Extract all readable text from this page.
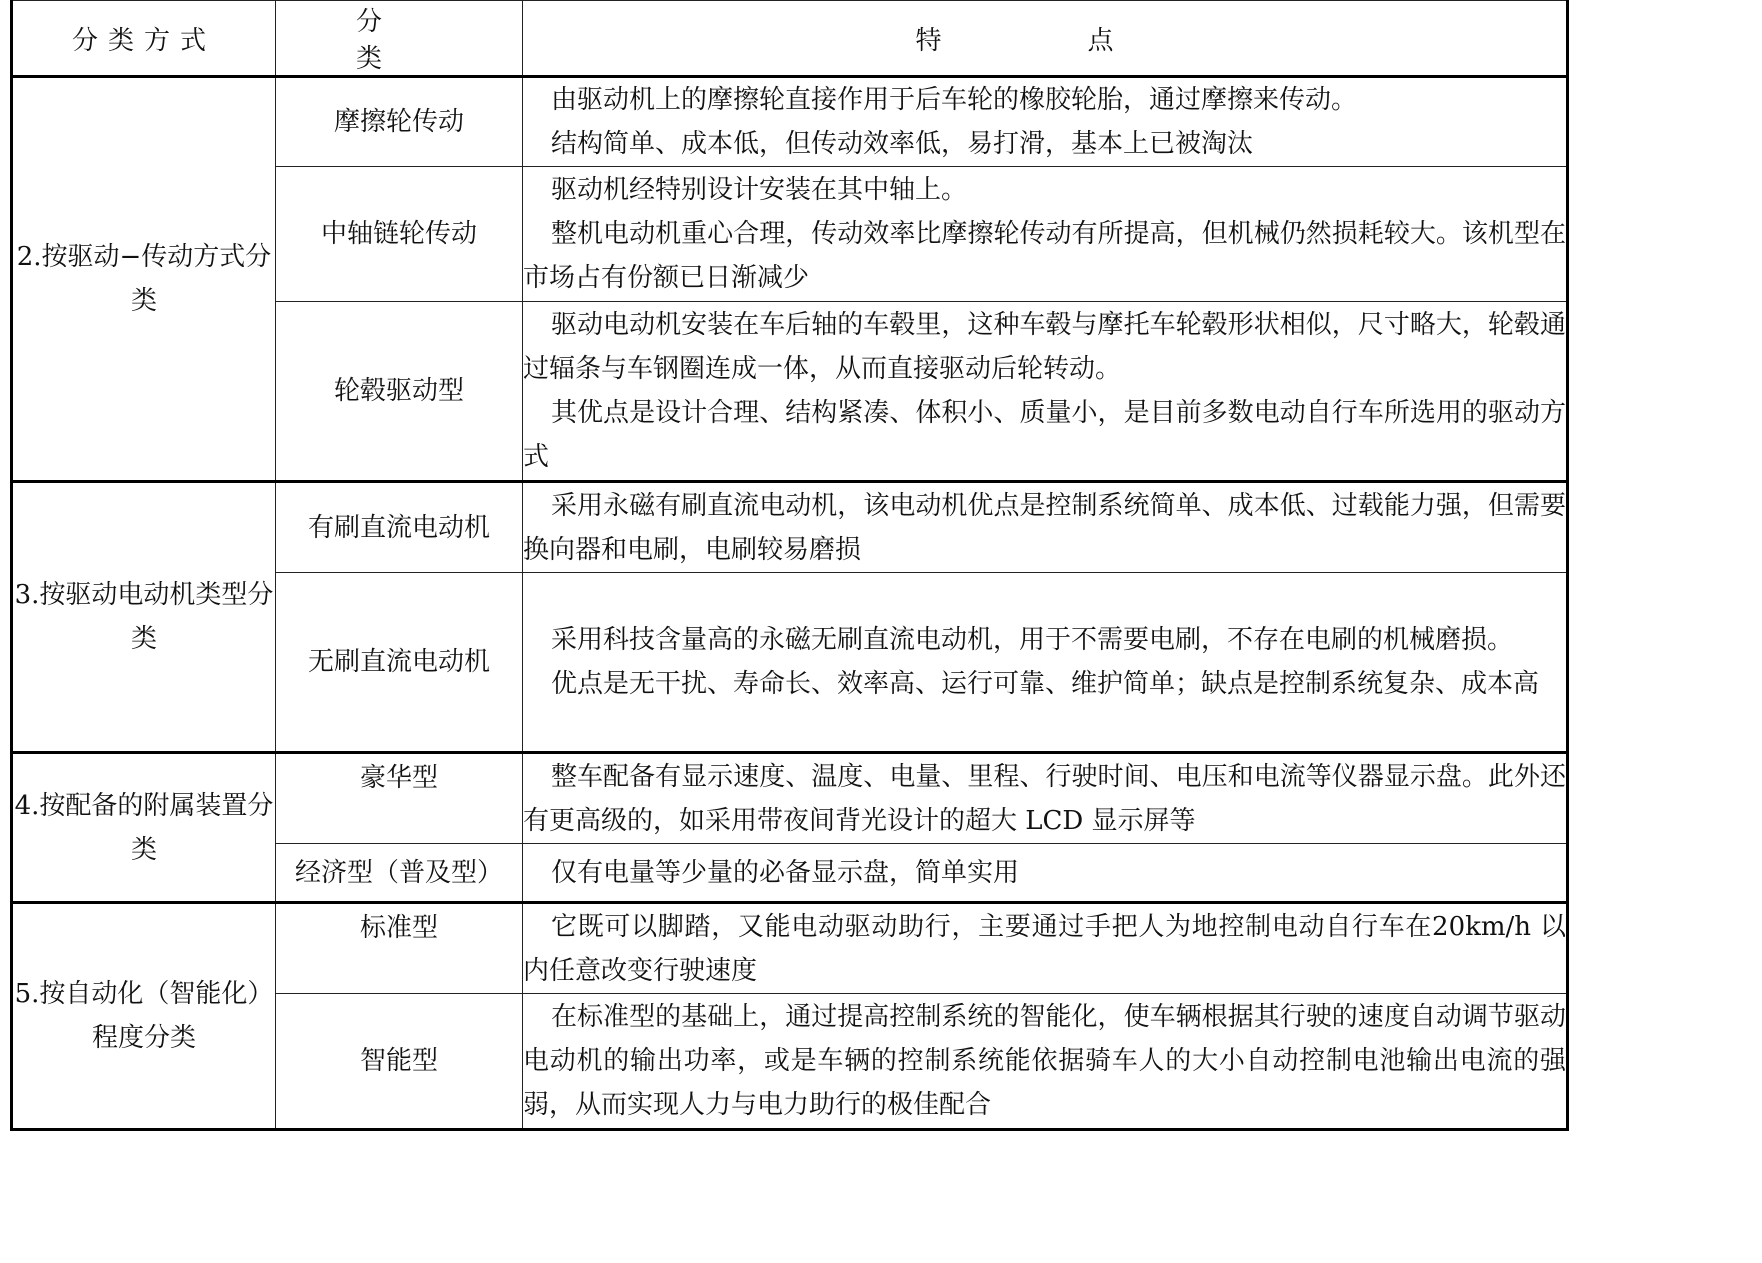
分类方式	分　类	特　点
2.按驱动−传动方式分类	摩擦轮传动	由驱动机上的摩擦轮直接作用于后车轮的橡胶轮胎，通过摩擦来传动。

结构简单、成本低，但传动效率低，易打滑，基本上已被淘汰

	中轴链轮传动	驱动机经特别设计安装在其中轴上。

整机电动机重心合理，传动效率比摩擦轮传动有所提高，但机械仍然损耗较大。该机型在市场占有份额已日渐减少

	轮毂驱动型	驱动电动机安装在车后轴的车毂里，这种车毂与摩托车轮毂形状相似，尺寸略大，轮毂通过辐条与车钢圈连成一体，从而直接驱动后轮转动。

其优点是设计合理、结构紧凑、体积小、质量小，是目前多数电动自行车所选用的驱动方式

3.按驱动电动机类型分类	有刷直流电动机	采用永磁有刷直流电动机，该电动机优点是控制系统简单、成本低、过载能力强，但需要换向器和电刷，电刷较易磨损

	无刷直流电动机	采用科技含量高的永磁无刷直流电动机，用于不需要电刷，不存在电刷的机械磨损。

优点是无干扰、寿命长、效率高、运行可靠、维护简单；缺点是控制系统复杂、成本高

4.按配备的附属装置分类	豪华型	整车配备有显示速度、温度、电量、里程、行驶时间、电压和电流等仪器显示盘。此外还有更高级的，如采用带夜间背光设计的超大 LCD 显示屏等

	经济型（普及型）	仅有电量等少量的必备显示盘，简单实用

5.按自动化（智能化）程度分类	标准型	它既可以脚踏，又能电动驱动助行，主要通过手把人为地控制电动自行车在20km/h 以内任意改变行驶速度

	智能型	在标准型的基础上，通过提高控制系统的智能化，使车辆根据其行驶的速度自动调节驱动电动机的输出功率，或是车辆的控制系统能依据骑车人的大小自动控制电池输出电流的强弱，从而实现人力与电力助行的极佳配合
